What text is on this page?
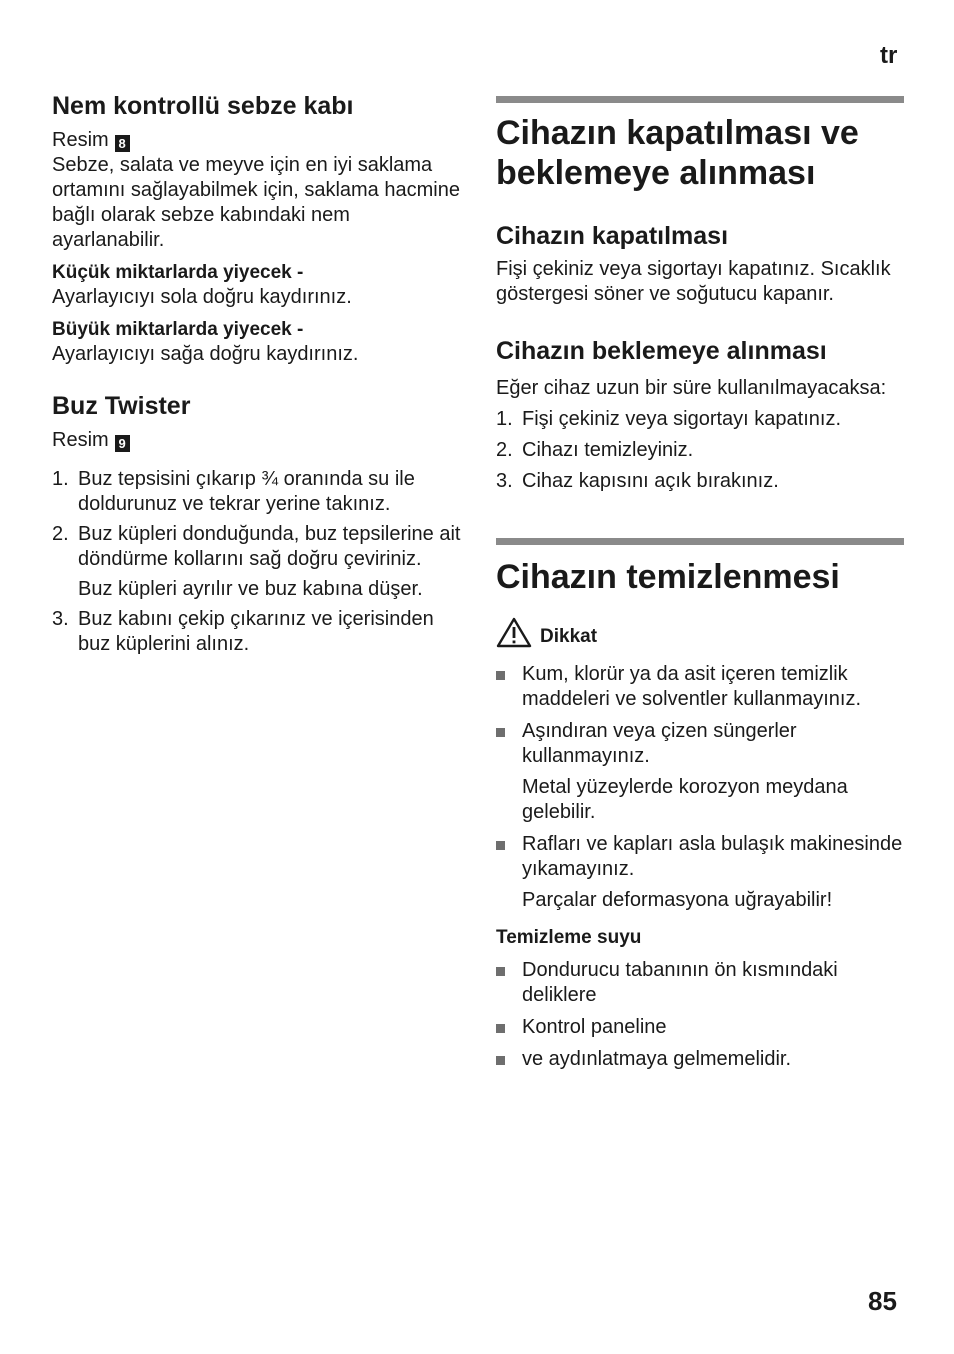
tr
Nem kontrollü sebze kabı

Resim 8

Sebze, salata ve meyve için en iyi saklama ortamını sağlayabilmek için, saklama hacmine bağlı olarak sebze kabındaki nem ayarlanabilir.

Küçük miktarlarda yiyecek -

Ayarlayıcıyı sola doğru kaydırınız.

Büyük miktarlarda yiyecek -

Ayarlayıcıyı sağa doğru kaydırınız.

Buz Twister

Resim 9

1. Buz tepsisini çıkarıp ¾ oranında su ile doldurunuz ve tekrar yerine takınız.
2. Buz küpleri donduğunda, buz tepsilerine ait döndürme kollarını sağ doğru çeviriniz.
Buz küpleri ayrılır ve buz kabına düşer.
3. Buz kabını çekip çıkarınız ve içerisinden buz küplerini alınız.
Cihazın kapatılması ve beklemeye alınması
Cihazın kapatılması

Fişi çekiniz veya sigortayı kapatınız. Sıcaklık göstergesi söner ve soğutucu kapanır.

Cihazın beklemeye alınması

Eğer cihaz uzun bir süre kullanılmayacaksa:

1. Fişi çekiniz veya sigortayı kapatınız.
2. Cihazı temizleyiniz.
3. Cihaz kapısını açık bırakınız.
Cihazın temizlenmesi
Dikkat
Kum, klorür ya da asit içeren temizlik maddeleri ve solventler kullanmayınız.
Aşındıran veya çizen süngerler kullanmayınız.
Metal yüzeylerde korozyon meydana gelebilir.
Rafları ve kapları asla bulaşık makinesinde yıkamayınız.
Parçalar deformasyona uğrayabilir!

Temizleme suyu

Dondurucu tabanının ön kısmındaki deliklere
Kontrol paneline
ve aydınlatmaya gelmemelidir.
85
